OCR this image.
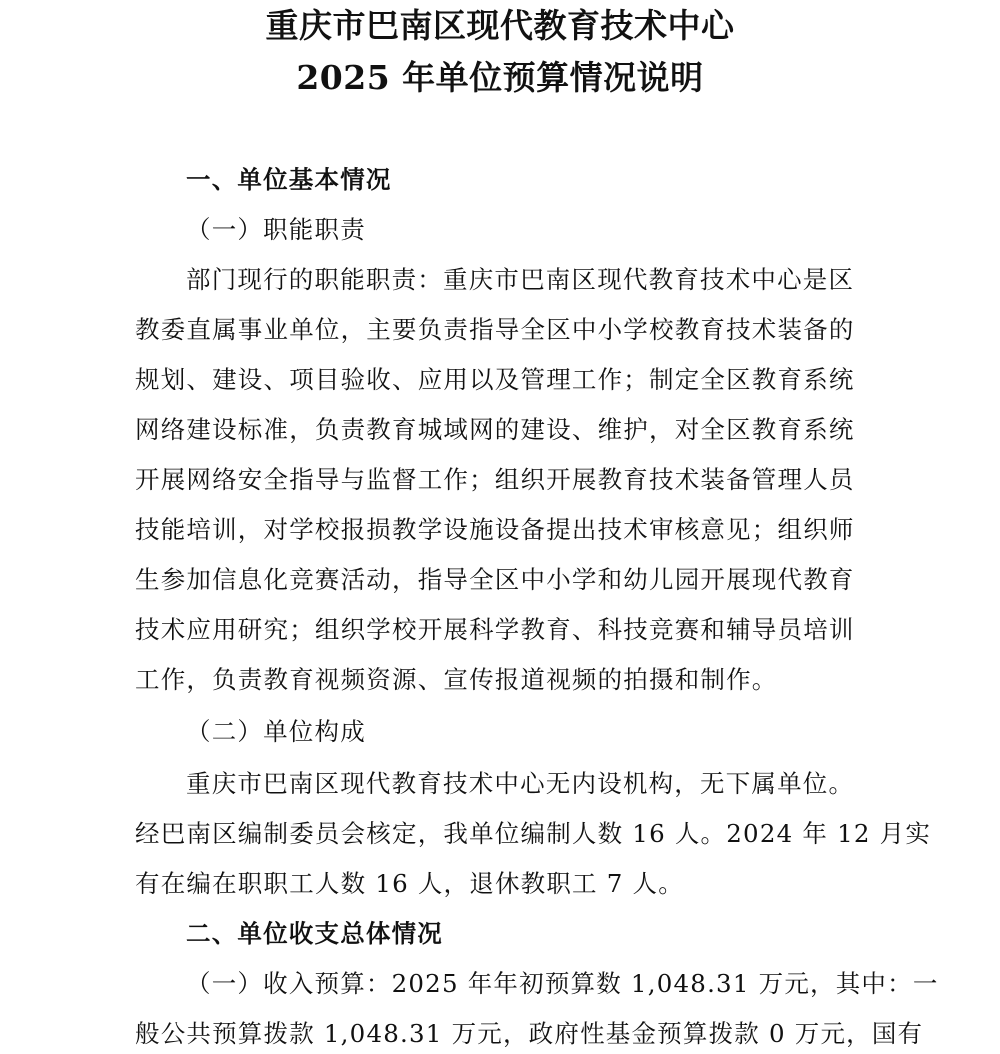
重庆市巴南区现代教育技术中心
2025 年单位预算情况说明
一、单位基本情况
（一）职能职责
部门现行的职能职责：重庆市巴南区现代教育技术中心是区
教委直属事业单位，主要负责指导全区中小学校教育技术装备的
规划、建设、项目验收、应用以及管理工作；制定全区教育系统
网络建设标准，负责教育城域网的建设、维护，对全区教育系统
开展网络安全指导与监督工作；组织开展教育技术装备管理人员
技能培训，对学校报损教学设施设备提出技术审核意见；组织师
生参加信息化竞赛活动，指导全区中小学和幼儿园开展现代教育
技术应用研究；组织学校开展科学教育、科技竞赛和辅导员培训
工作，负责教育视频资源、宣传报道视频的拍摄和制作。
（二）单位构成
重庆市巴南区现代教育技术中心无内设机构，无下属单位。
经巴南区编制委员会核定，我单位编制人数 16 人。2024 年 12 月实
有在编在职职工人数 16 人，退休教职工 7 人。
二、单位收支总体情况
（一）收入预算：2025 年年初预算数 1,048.31 万元，其中：一
般公共预算拨款 1,048.31 万元，政府性基金预算拨款 0 万元，国有
